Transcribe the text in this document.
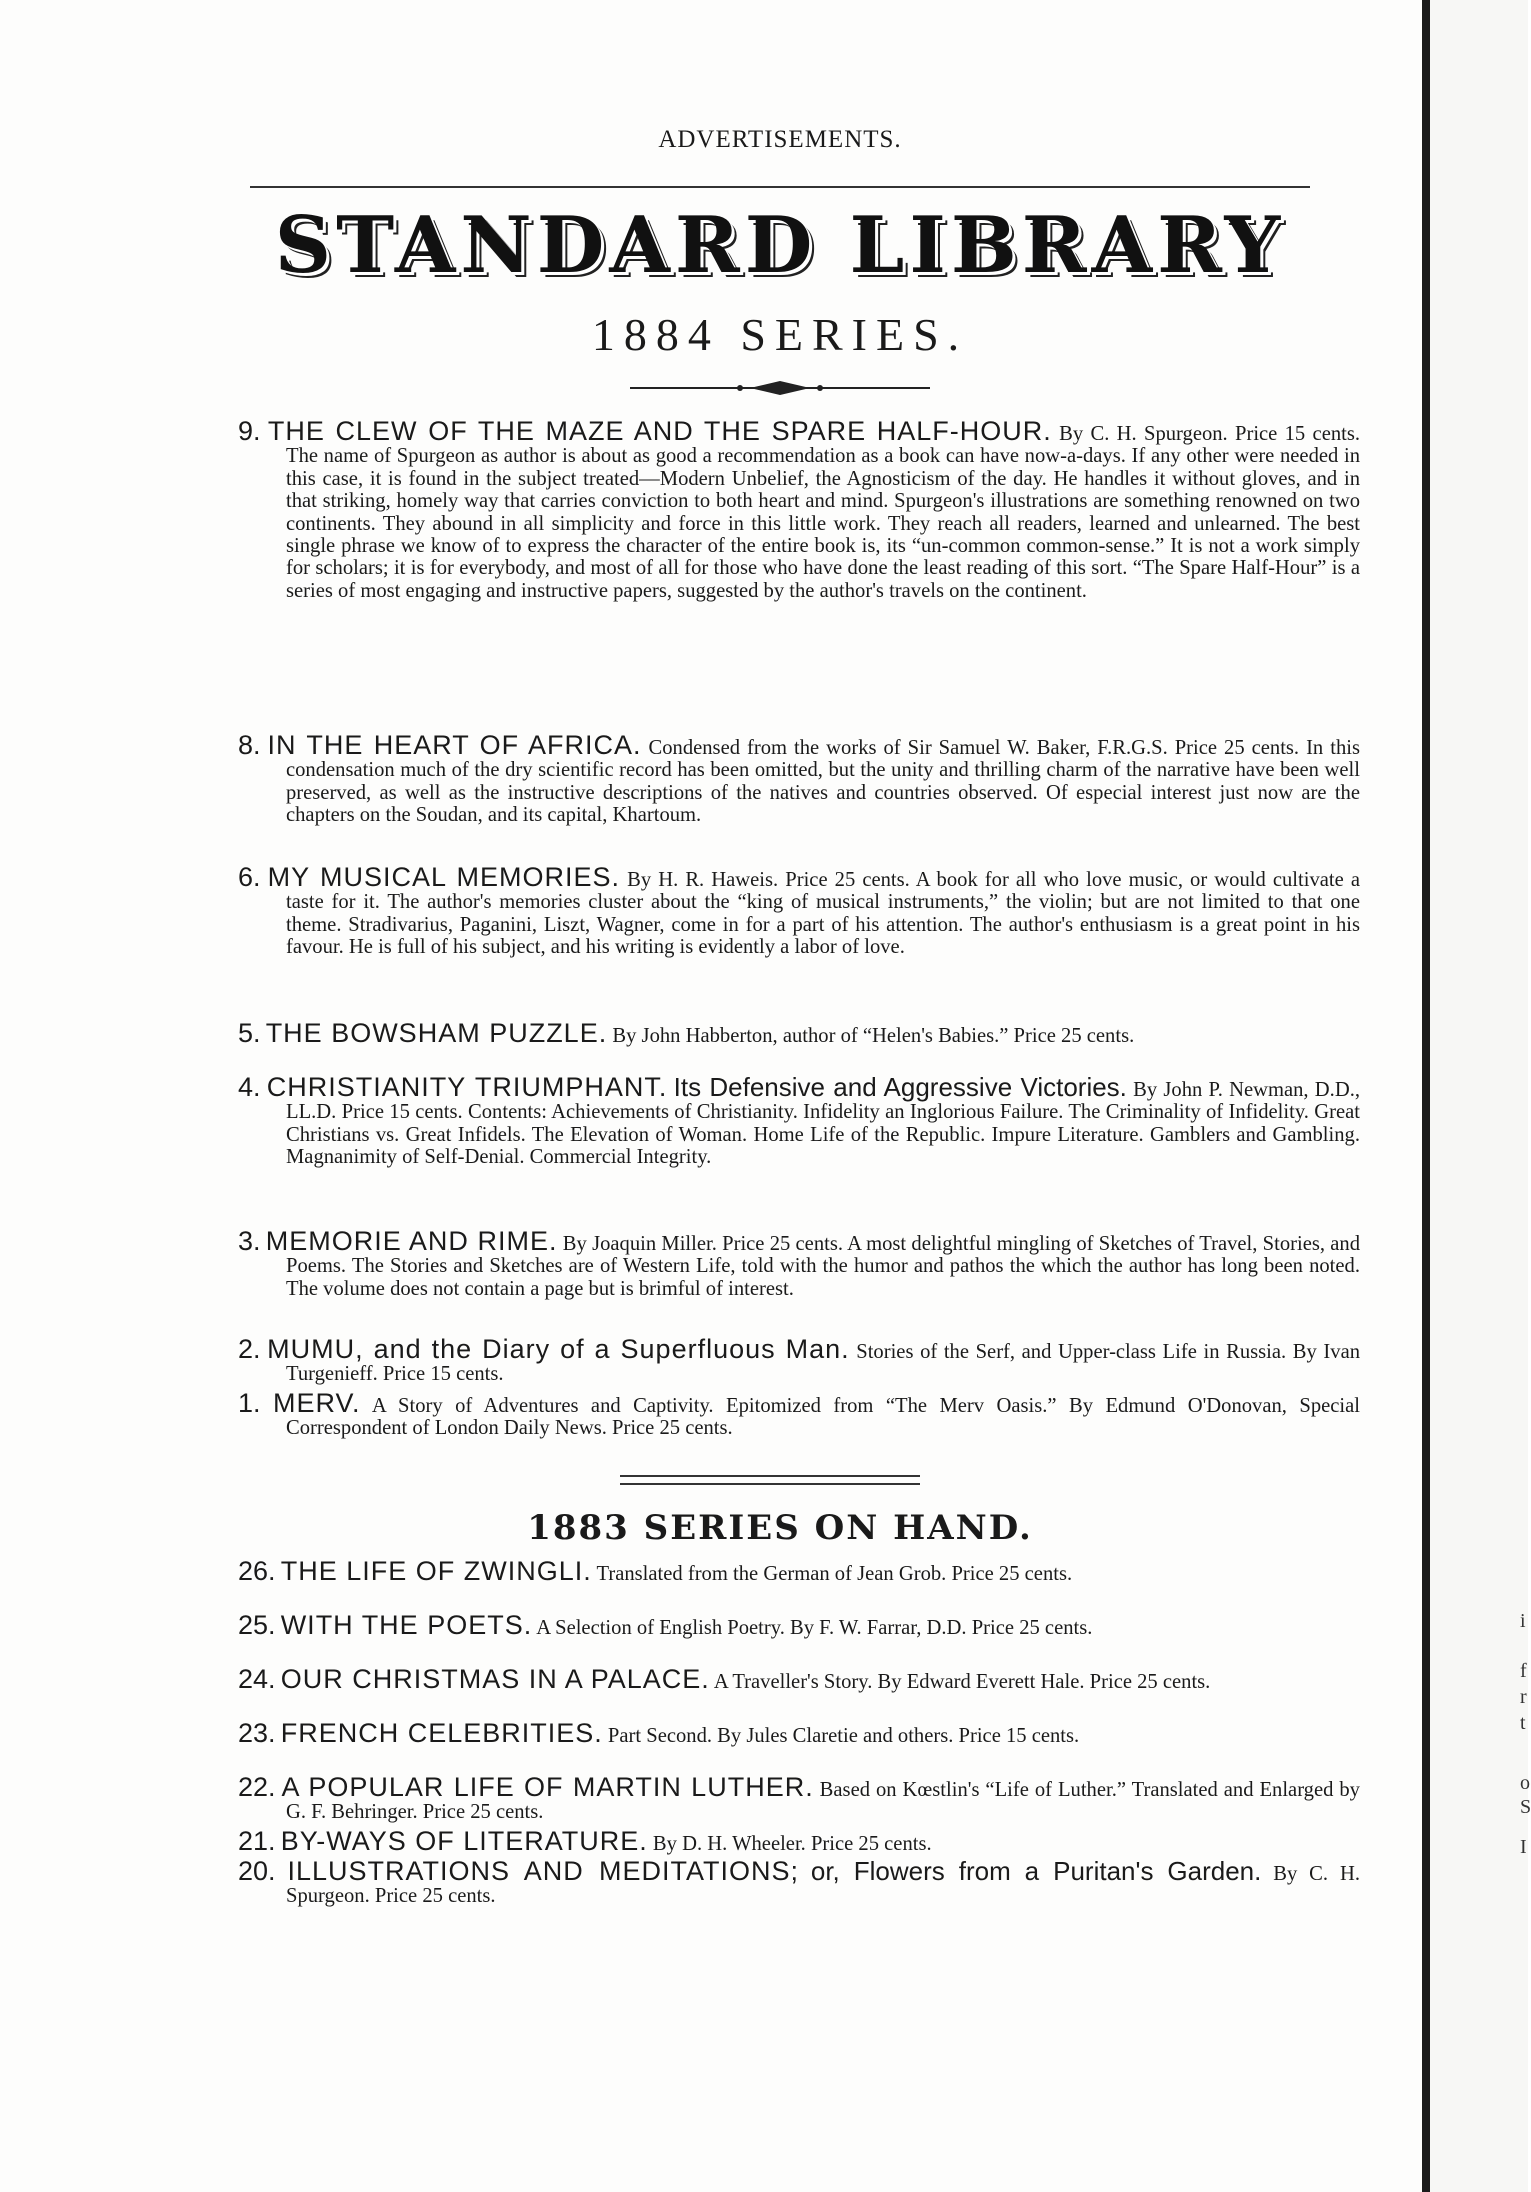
ADVERTISEMENTS.
STANDARD LIBRARY
1884 SERIES.
9. THE CLEW OF THE MAZE AND THE SPARE HALF-HOUR. By C. H. Spurgeon. Price 15 cents. The name of Spurgeon as author is about as good a recommendation as a book can have now-a-days. If any other were needed in this case, it is found in the subject treated—Modern Unbelief, the Agnosticism of the day. He handles it without gloves, and in that striking, homely way that carries conviction to both heart and mind. Spurgeon's illustrations are something renowned on two continents. They abound in all simplicity and force in this little work. They reach all readers, learned and unlearned. The best single phrase we know of to express the character of the entire book is, its “un-common common-sense.” It is not a work simply for scholars; it is for everybody, and most of all for those who have done the least reading of this sort. “The Spare Half-Hour” is a series of most engaging and instructive papers, suggested by the author's travels on the continent.
8. IN THE HEART OF AFRICA. Condensed from the works of Sir Samuel W. Baker, F.R.G.S. Price 25 cents. In this condensation much of the dry scientific record has been omitted, but the unity and thrilling charm of the narrative have been well preserved, as well as the instructive descriptions of the natives and countries observed. Of especial interest just now are the chapters on the Soudan, and its capital, Khartoum.
6. MY MUSICAL MEMORIES. By H. R. Haweis. Price 25 cents. A book for all who love music, or would cultivate a taste for it. The author's memories cluster about the “king of musical instruments,” the violin; but are not limited to that one theme. Stradivarius, Paganini, Liszt, Wagner, come in for a part of his attention. The author's enthusiasm is a great point in his favour. He is full of his subject, and his writing is evidently a labor of love.
5. THE BOWSHAM PUZZLE. By John Habberton, author of “Helen's Babies.” Price 25 cents.
4. CHRISTIANITY TRIUMPHANT. Its Defensive and Aggressive Victories. By John P. Newman, D.D., LL.D. Price 15 cents. Contents: Achievements of Christianity. Infidelity an Inglorious Failure. The Criminality of Infidelity. Great Christians vs. Great Infidels. The Elevation of Woman. Home Life of the Republic. Impure Literature. Gamblers and Gambling. Magnanimity of Self-Denial. Commercial Integrity.
3. MEMORIE AND RIME. By Joaquin Miller. Price 25 cents. A most delightful mingling of Sketches of Travel, Stories, and Poems. The Stories and Sketches are of Western Life, told with the humor and pathos the which the author has long been noted. The volume does not contain a page but is brimful of interest.
2. MUMU, and the Diary of a Superfluous Man. Stories of the Serf, and Upper-class Life in Russia. By Ivan Turgenieff. Price 15 cents.
1. MERV. A Story of Adventures and Captivity. Epitomized from “The Merv Oasis.” By Edmund O'Donovan, Special Correspondent of London Daily News. Price 25 cents.
1883 SERIES ON HAND.
26. THE LIFE OF ZWINGLI. Translated from the German of Jean Grob. Price 25 cents.
25. WITH THE POETS. A Selection of English Poetry. By F. W. Farrar, D.D. Price 25 cents.
24. OUR CHRISTMAS IN A PALACE. A Traveller's Story. By Edward Everett Hale. Price 25 cents.
23. FRENCH CELEBRITIES. Part Second. By Jules Claretie and others. Price 15 cents.
22. A POPULAR LIFE OF MARTIN LUTHER. Based on Kœstlin's “Life of Luther.” Translated and Enlarged by G. F. Behringer. Price 25 cents.
21. BY-WAYS OF LITERATURE. By D. H. Wheeler. Price 25 cents.
20. ILLUSTRATIONS AND MEDITATIONS; or, Flowers from a Puritan's Garden. By C. H. Spurgeon. Price 25 cents.
i
f
r
t
o
S
I
